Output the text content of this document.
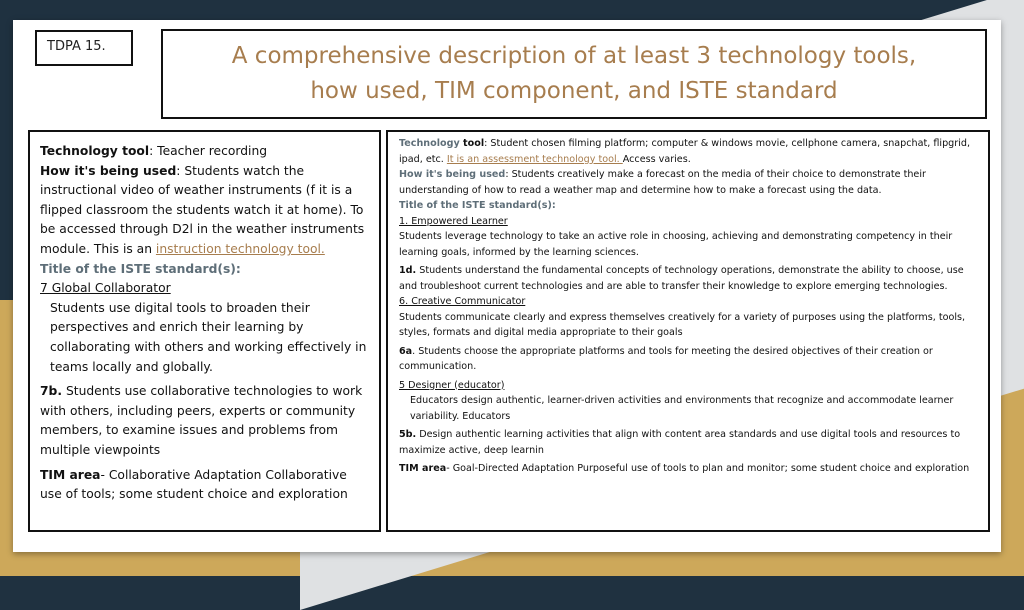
TDPA 15.	A comprehensive description of at least 3 technology tools,
how used, TIM component, and ISTE standard

Technology tool: Teacher recording

How it's being used: Students watch the instructional video of weather instruments (f it is a flipped classroom the students watch it at home). To be accessed through D2l in the weather instruments module. This is an instruction technology tool.

Title of the ISTE standard(s):

7 Global Collaborator

Students use digital tools to broaden their perspectives and enrich their learning by collaborating with others and working effectively in teams locally and globally.

7b. Students use collaborative technologies to work with others, including peers, experts or community members, to examine issues and problems from multiple viewpoints

TIM area- Collaborative Adaptation Collaborative use of tools; some student choice and exploration

Technology tool: Student chosen filming platform; computer & windows movie, cellphone camera, snapchat, flipgrid, ipad, etc. It is an assessment technology tool. Access varies.

How it's being used: Students creatively make a forecast on the media of their choice to demonstrate their understanding of how to read a weather map and determine how to make a forecast using the data.

Title of the ISTE standard(s):

1. Empowered Learner

Students leverage technology to take an active role in choosing, achieving and demonstrating competency in their learning goals, informed by the learning sciences.

1d. Students understand the fundamental concepts of technology operations, demonstrate the ability to choose, use and troubleshoot current technologies and are able to transfer their knowledge to explore emerging technologies.

6. Creative Communicator

Students communicate clearly and express themselves creatively for a variety of purposes using the platforms, tools, styles, formats and digital media appropriate to their goals

6a. Students choose the appropriate platforms and tools for meeting the desired objectives of their creation or communication.

5 Designer (educator)

Educators design authentic, learner-driven activities and environments that recognize and accommodate learner variability. Educators

5b. Design authentic learning activities that align with content area standards and use digital tools and resources to maximize active, deep learnin

TIM area- Goal-Directed Adaptation Purposeful use of tools to plan and monitor; some student choice and exploration
